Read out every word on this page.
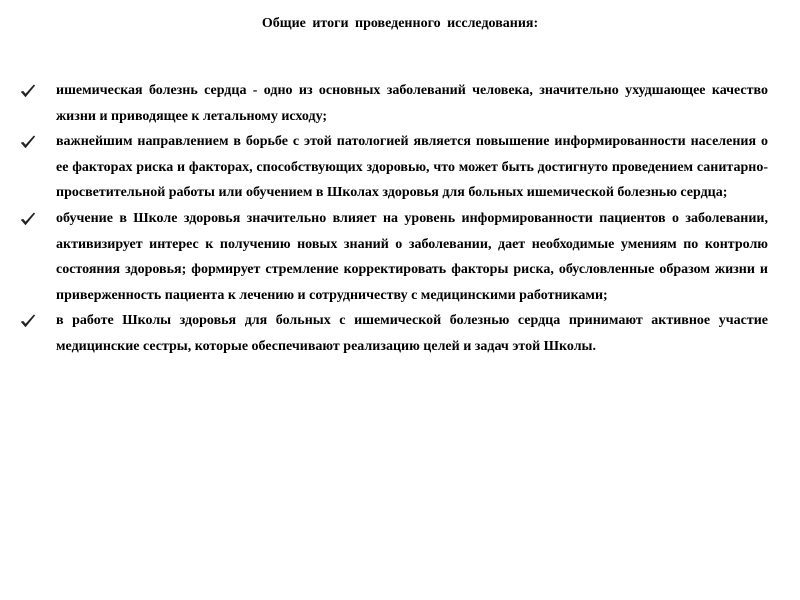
Общие итоги проведенного исследования:
ишемическая болезнь сердца - одно из основных заболеваний человека, значительно ухудшающее качество жизни и приводящее к летальному исходу;
важнейшим направлением в борьбе с этой патологией является повышение информированности населения о ее факторах риска и факторах, способствующих здоровью, что может быть достигнуто проведением санитарно-просветительной работы или обучением в Школах здоровья для больных ишемической болезнью сердца;
обучение в Школе здоровья значительно влияет на уровень информированности пациентов о заболевании, активизирует интерес к получению новых знаний о заболевании, дает необходимые умениям по контролю состояния здоровья; формирует стремление корректировать факторы риска, обусловленные образом жизни и приверженность пациента к лечению и сотрудничеству с медицинскими работниками;
в работе Школы здоровья для больных с ишемической болезнью сердца принимают активное участие медицинские сестры, которые обеспечивают реализацию целей и задач этой Школы.
